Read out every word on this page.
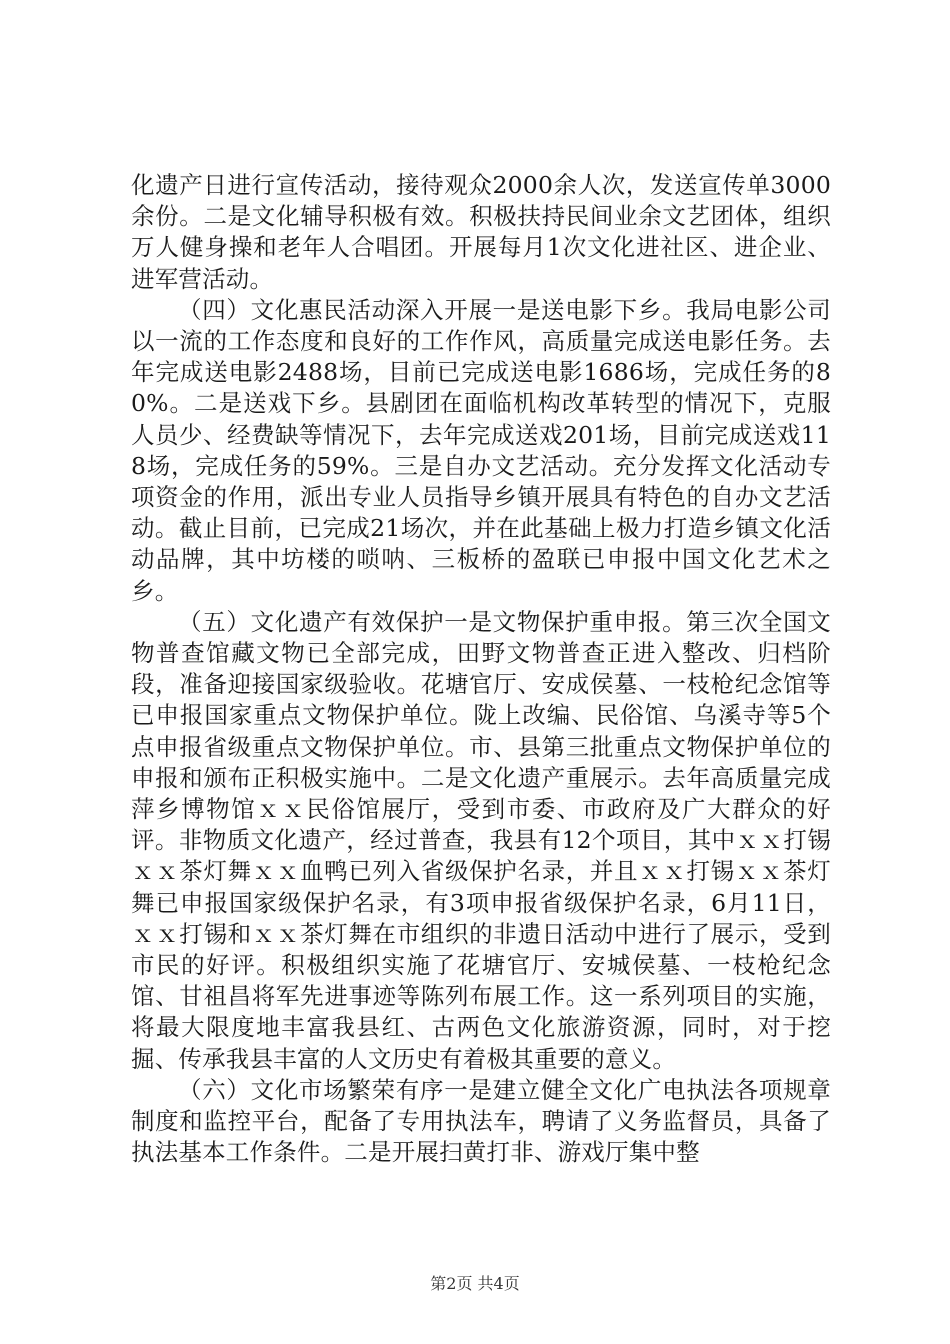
化遗产日进行宣传活动，接待观众2000余人次，发送宣传单3000余份。二是文化辅导积极有效。积极扶持民间业余文艺团体，组织万人健身操和老年人合唱团。开展每月1次文化进社区、进企业、进军营活动。

（四）文化惠民活动深入开展一是送电影下乡。我局电影公司以一流的工作态度和良好的工作作风，高质量完成送电影任务。去年完成送电影2488场，目前已完成送电影1686场，完成任务的80%。二是送戏下乡。县剧团在面临机构改革转型的情况下，克服人员少、经费缺等情况下，去年完成送戏201场，目前完成送戏118场，完成任务的59%。三是自办文艺活动。充分发挥文化活动专项资金的作用，派出专业人员指导乡镇开展具有特色的自办文艺活动。截止目前，已完成21场次，并在此基础上极力打造乡镇文化活动品牌，其中坊楼的唢呐、三板桥的盈联已申报中国文化艺术之乡。

（五）文化遗产有效保护一是文物保护重申报。第三次全国文物普查馆藏文物已全部完成，田野文物普查正进入整改、归档阶段，准备迎接国家级验收。花塘官厅、安成侯墓、一枝枪纪念馆等已申报国家重点文物保护单位。陇上改编、民俗馆、乌溪寺等5个点申报省级重点文物保护单位。市、县第三批重点文物保护单位的申报和颁布正积极实施中。二是文化遗产重展示。去年高质量完成萍乡博物馆ｘｘ民俗馆展厅，受到市委、市政府及广大群众的好评。非物质文化遗产，经过普查，我县有12个项目，其中ｘｘ打锡ｘｘ茶灯舞ｘｘ血鸭已列入省级保护名录，并且ｘｘ打锡ｘｘ茶灯舞已申报国家级保护名录，有3项申报省级保护名录，6月11日，ｘｘ打锡和ｘｘ茶灯舞在市组织的非遗日活动中进行了展示，受到市民的好评。积极组织实施了花塘官厅、安城侯墓、一枝枪纪念馆、甘祖昌将军先进事迹等陈列布展工作。这一系列项目的实施，将最大限度地丰富我县红、古两色文化旅游资源，同时，对于挖掘、传承我县丰富的人文历史有着极其重要的意义。

（六）文化市场繁荣有序一是建立健全文化广电执法各项规章制度和监控平台，配备了专用执法车，聘请了义务监督员，具备了执法基本工作条件。二是开展扫黄打非、游戏厅集中整

第2页 共4页
